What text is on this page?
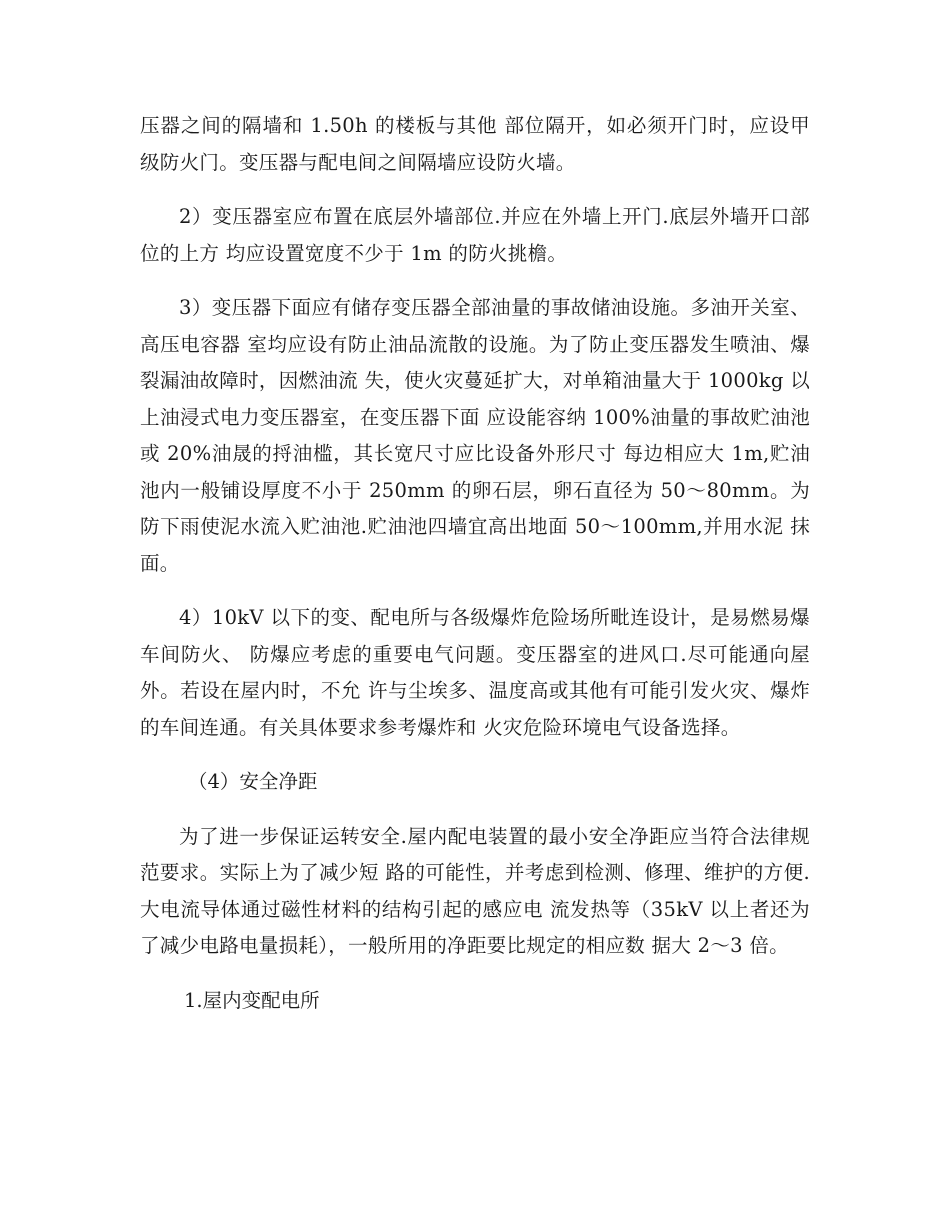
压器之间的隔墙和 1.50h 的楼板与其他 部位隔开，如必须开门时，应设甲级防火门。变压器与配电间之间隔墙应设防火墙。

2）变压器室应布置在底层外墙部位.并应在外墙上开门.底层外墙开口部位的上方 均应设置宽度不少于 1m 的防火挑檐。

3）变压器下面应有储存变压器全部油量的事故储油设施。多油开关室、高压电容器 室均应设有防止油品流散的设施。为了防止变压器发生喷油、爆裂漏油故障时，因燃油流 失，使火灾蔓延扩大，对单箱油量大于 1000kg 以上油浸式电力变压器室，在变压器下面 应设能容纳 100%油量的事故贮油池或 20%油晟的捋油槛，其长宽尺寸应比设备外形尺寸 每边相应大 1m,贮油池内一般铺设厚度不小于 250mm 的卵石层，卵石直径为 50〜80mm。为防下雨使泥水流入贮油池.贮油池四墙宜高出地面 50〜100mm,并用水泥 抹面。

4）10kV 以下的变、配电所与各级爆炸危险场所毗连设计，是易燃易爆车间防火、 防爆应考虑的重要电气问题。变压器室的进风口.尽可能通向屋外。若设在屋内时，不允 许与尘埃多、温度高或其他有可能引发火灾、爆炸的车间连通。有关具体要求参考爆炸和 火灾危险环境电气设备选择。

（4）安全净距

为了进一步保证运转安全.屋内配电装置的最小安全净距应当符合法律规范要求。实际上为了减少短 路的可能性，并考虑到检测、修理、维护的方便.大电流导体通过磁性材料的结构引起的感应电 流发热等（35kV 以上者还为了减少电路电量损耗），一般所用的净距要比规定的相应数 据大 2〜3 倍。

1.屋内变配电所
